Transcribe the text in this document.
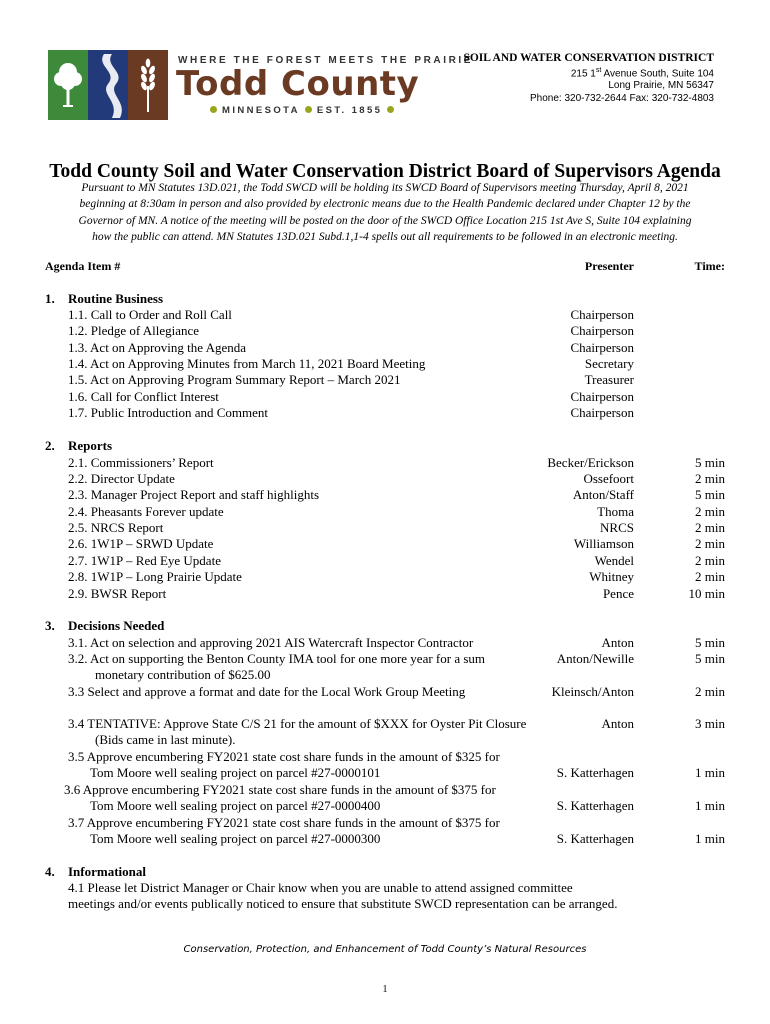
WHERE THE FOREST MEETS THE PRAIRIE
Todd County
MINNESOTA EST. 1855
SOIL AND WATER CONSERVATION DISTRICT
215 1st Avenue South, Suite 104
Long Prairie, MN 56347
Phone: 320-732-2644 Fax: 320-732-4803
Todd County Soil and Water Conservation District Board of Supervisors Agenda
Pursuant to MN Statutes 13D.021, the Todd SWCD will be holding its SWCD Board of Supervisors meeting Thursday, April 8, 2021
beginning at 8:30am in person and also provided by electronic means due to the Health Pandemic declared under Chapter 12 by the
Governor of MN. A notice of the meeting will be posted on the door of the SWCD Office Location 215 1st Ave S, Suite 104 explaining
how the public can attend. MN Statutes 13D.021 Subd.1,1-4 spells out all requirements to be followed in an electronic meeting.
Agenda Item #	Presenter	Time:
1. Routine Business
1.1. Call to Order and Roll Call	Chairperson
1.2. Pledge of Allegiance	Chairperson
1.3. Act on Approving the Agenda	Chairperson
1.4. Act on Approving Minutes from March 11, 2021 Board Meeting	Secretary
1.5. Act on Approving Program Summary Report – March 2021	Treasurer
1.6. Call for Conflict Interest	Chairperson
1.7. Public Introduction and Comment	Chairperson
2. Reports
2.1. Commissioners’ Report	Becker/Erickson	5 min
2.2. Director Update	Ossefoort	2 min
2.3. Manager Project Report and staff highlights	Anton/Staff	5 min
2.4. Pheasants Forever update	Thoma	2 min
2.5. NRCS Report	NRCS	2 min
2.6. 1W1P – SRWD Update	Williamson	2 min
2.7. 1W1P – Red Eye Update	Wendel	2 min
2.8. 1W1P – Long Prairie Update	Whitney	2 min
2.9. BWSR Report	Pence	10 min
3. Decisions Needed
3.1. Act on selection and approving 2021 AIS Watercraft Inspector Contractor	Anton	5 min
3.2. Act on supporting the Benton County IMA tool for one more year for a sum	Anton/Newille	5 min
monetary contribution of $625.00
3.3 Select and approve a format and date for the Local Work Group Meeting	Kleinsch/Anton	2 min
3.4 TENTATIVE: Approve State C/S 21 for the amount of $XXX for Oyster Pit Closure	Anton	3 min
(Bids came in last minute).
3.5 Approve encumbering FY2021 state cost share funds in the amount of $325 for
Tom Moore well sealing project on parcel #27-0000101	S. Katterhagen	1 min
3.6 Approve encumbering FY2021 state cost share funds in the amount of $375 for
Tom Moore well sealing project on parcel #27-0000400	S. Katterhagen	1 min
3.7 Approve encumbering FY2021 state cost share funds in the amount of $375 for
Tom Moore well sealing project on parcel #27-0000300	S. Katterhagen	1 min
4. Informational
4.1 Please let District Manager or Chair know when you are unable to attend assigned committee
meetings and/or events publically noticed to ensure that substitute SWCD representation can be arranged.
Conservation, Protection, and Enhancement of Todd County’s Natural Resources
1
